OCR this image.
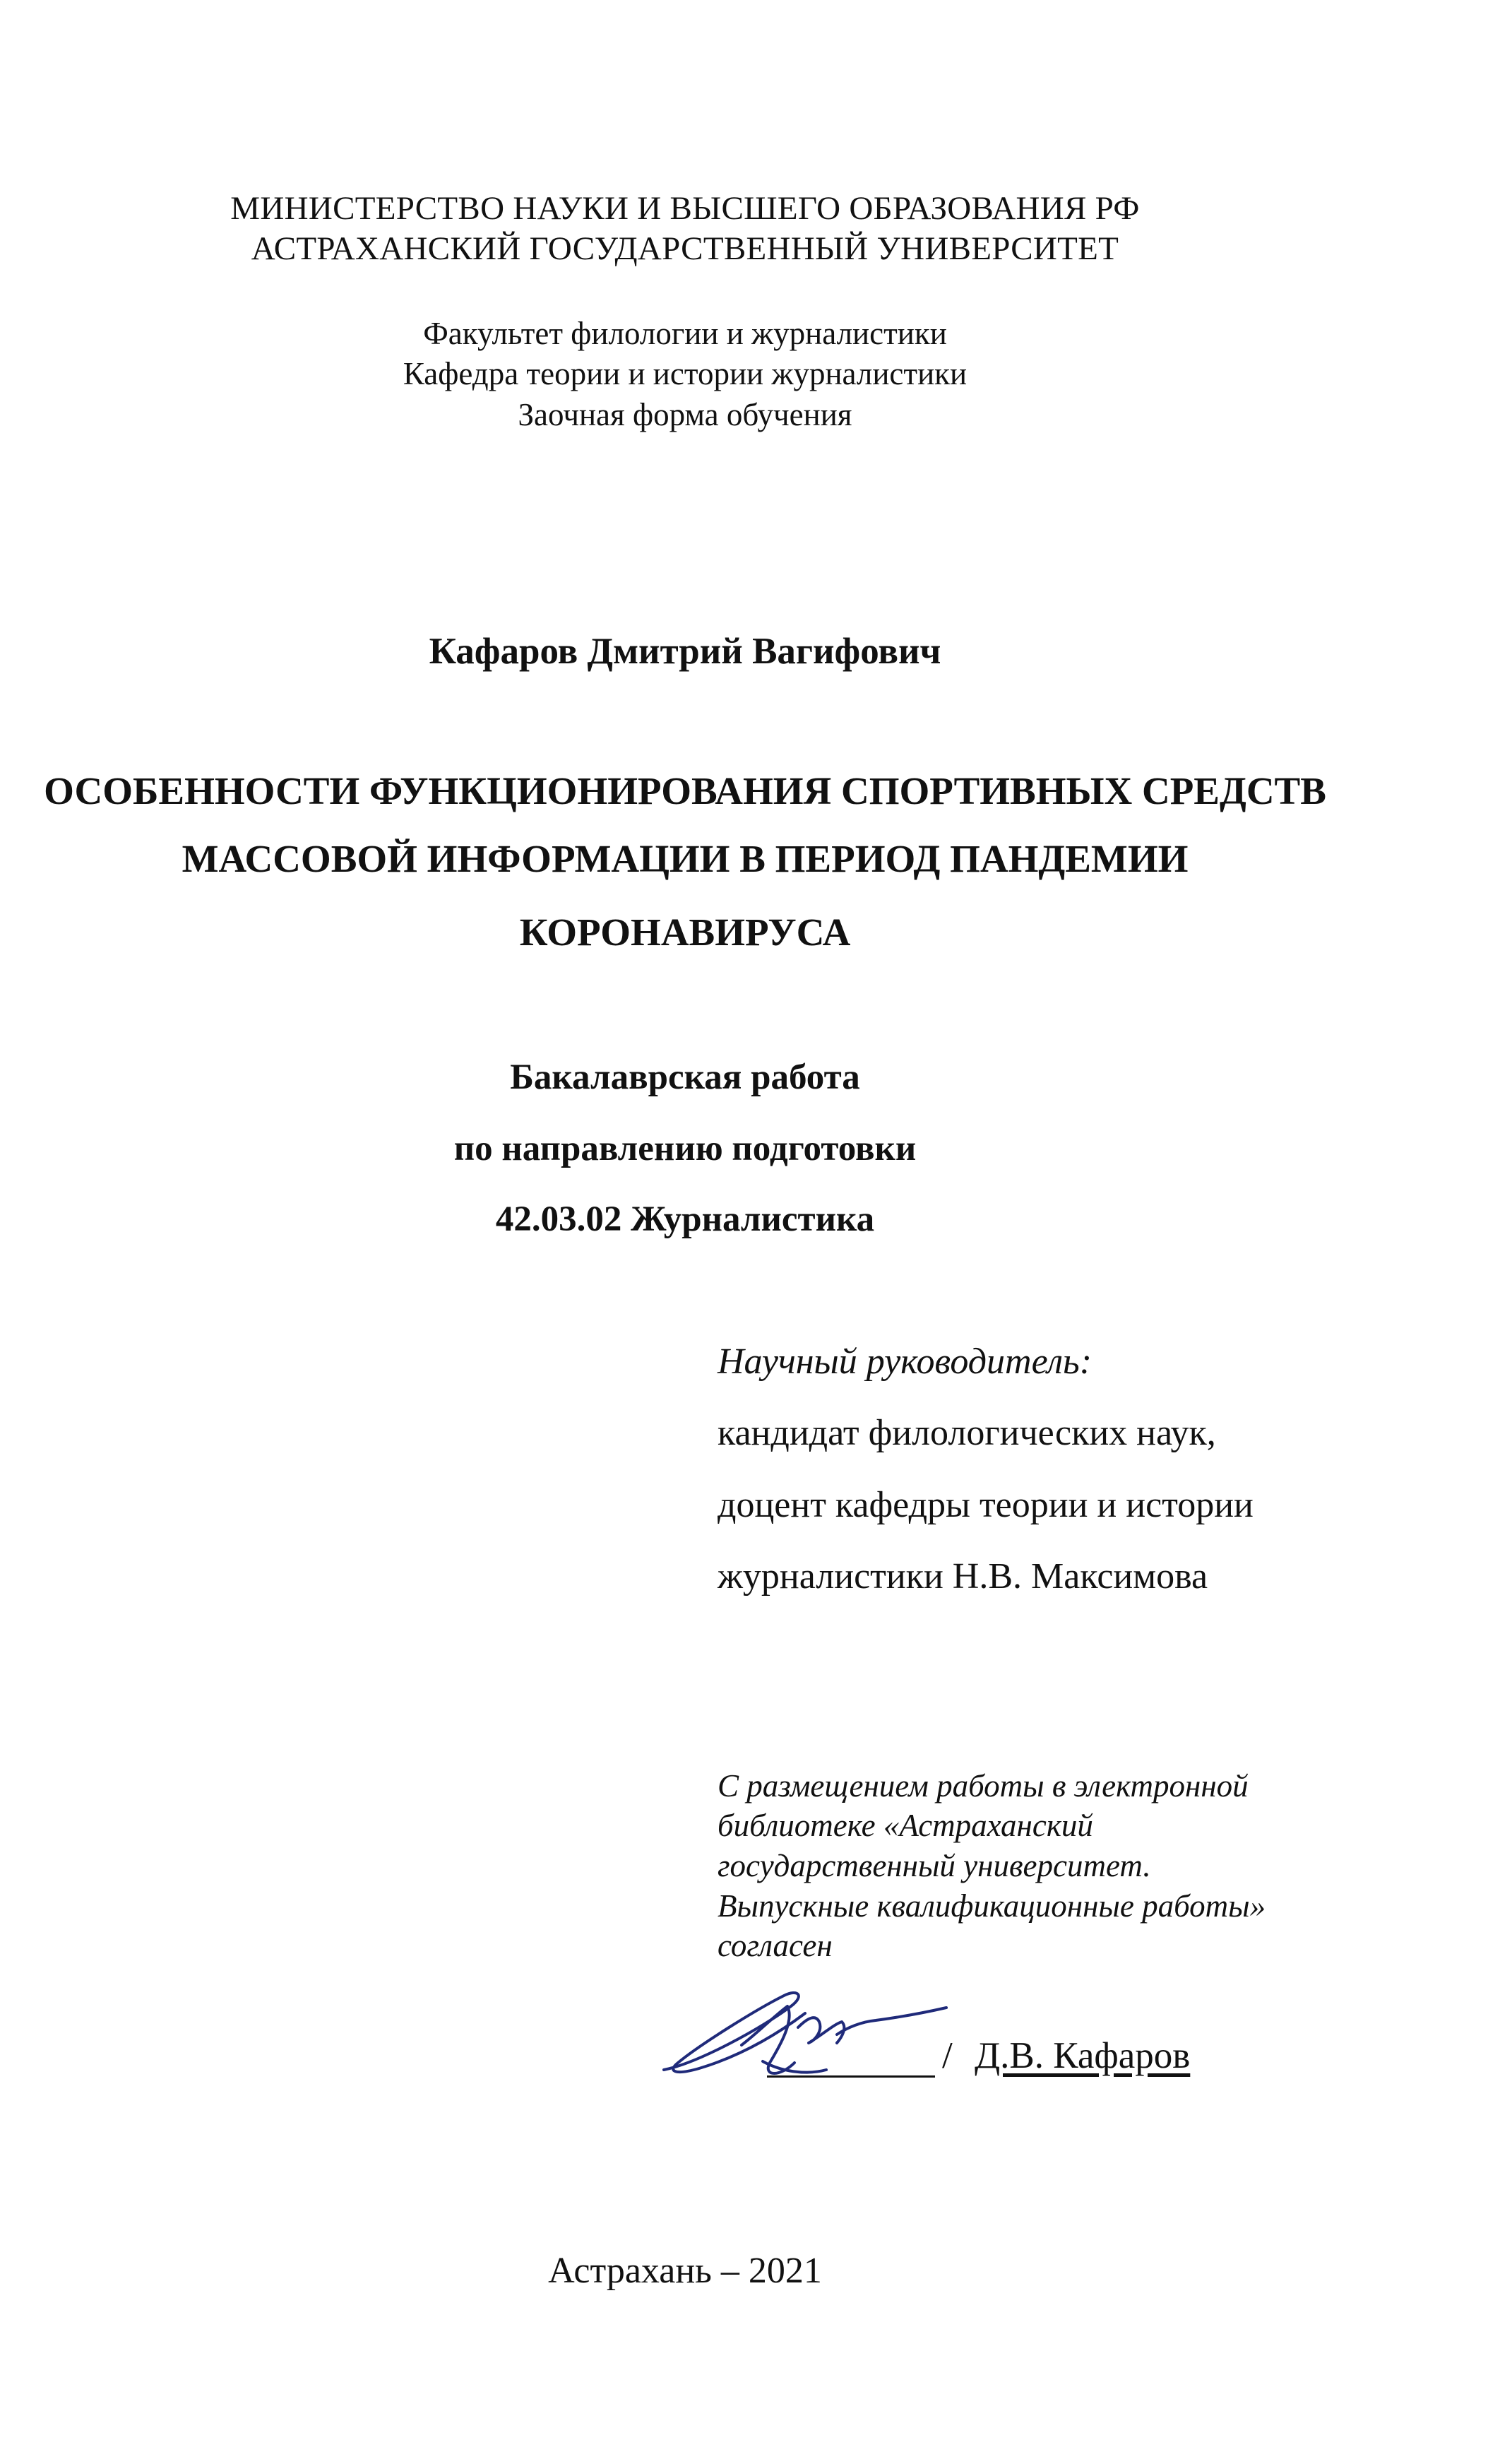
МИНИСТЕРСТВО НАУКИ И ВЫСШЕГО ОБРАЗОВАНИЯ РФ
АСТРАХАНСКИЙ ГОСУДАРСТВЕННЫЙ УНИВЕРСИТЕТ
Факультет филологии и журналистики
Кафедра теории и истории журналистики
Заочная форма обучения
Кафаров Дмитрий Вагифович
ОСОБЕННОСТИ ФУНКЦИОНИРОВАНИЯ СПОРТИВНЫХ СРЕДСТВ
МАССОВОЙ ИНФОРМАЦИИ В ПЕРИОД ПАНДЕМИИ
КОРОНАВИРУСА
Бакалаврская работа
по направлению подготовки
42.03.02 Журналистика
Научный руководитель:
кандидат филологических наук,
доцент кафедры теории и истории
журналистики Н.В. Максимова
С размещением работы в электронной
библиотеке «Астраханский
государственный университет.
Выпускные квалификационные работы»
согласен
/ Д.В. Кафаров
Астрахань – 2021
